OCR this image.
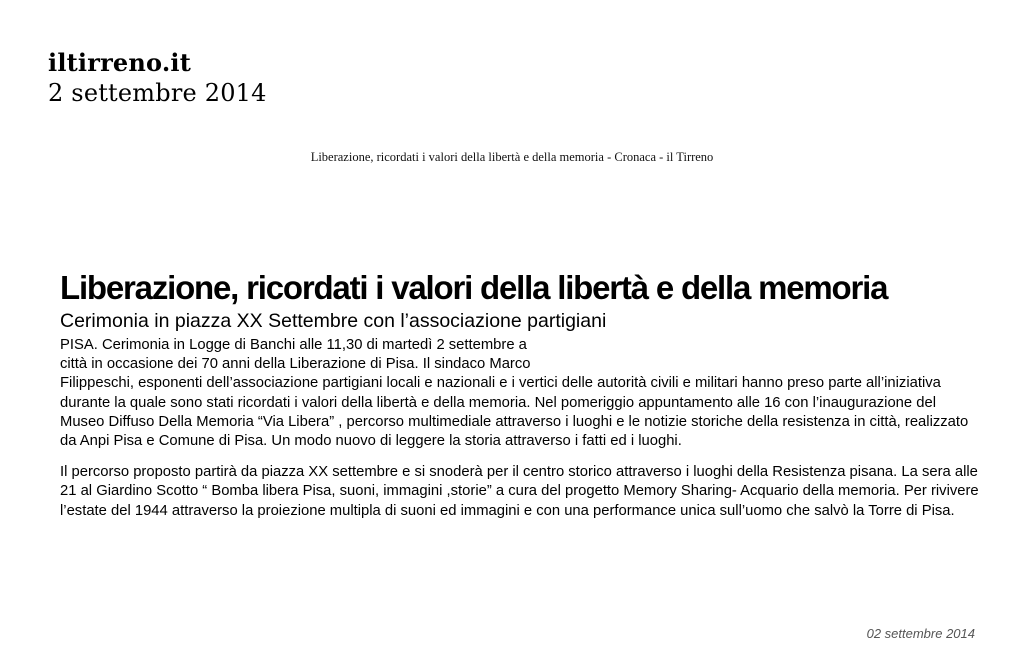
iltirreno.it
2 settembre 2014
Liberazione, ricordati i valori della libertà e della memoria - Cronaca - il Tirreno
Liberazione, ricordati i valori della libertà e della memoria
Cerimonia in piazza XX Settembre con l’associazione partigiani

PISA. Cerimonia in Logge di Banchi alle 11,30 di martedì 2 settembre a
città in occasione dei 70 anni della Liberazione di Pisa. Il sindaco Marco
Filippeschi, esponenti dell’associazione partigiani locali e nazionali e i vertici delle autorità civili e militari hanno preso parte all’iniziativa durante la quale sono stati ricordati i valori della libertà e della memoria. Nel pomeriggio appuntamento alle 16 con l’inaugurazione del Museo Diffuso Della Memoria “Via Libera” , percorso multimediale attraverso i luoghi e le notizie storiche della resistenza in città, realizzato da Anpi Pisa e Comune di Pisa. Un modo nuovo di leggere la storia attraverso i fatti ed i luoghi.

Il percorso proposto partirà da piazza XX settembre e si snoderà per il centro storico attraverso i luoghi della Resistenza pisana. La sera alle 21 al Giardino Scotto “ Bomba libera Pisa, suoni, immagini ,storie” a cura del progetto Memory Sharing- Acquario della memoria. Per rivivere l’estate del 1944 attraverso la proiezione multipla di suoni ed immagini e con una performance unica sull’uomo che salvò la Torre di Pisa.

02 settembre 2014
